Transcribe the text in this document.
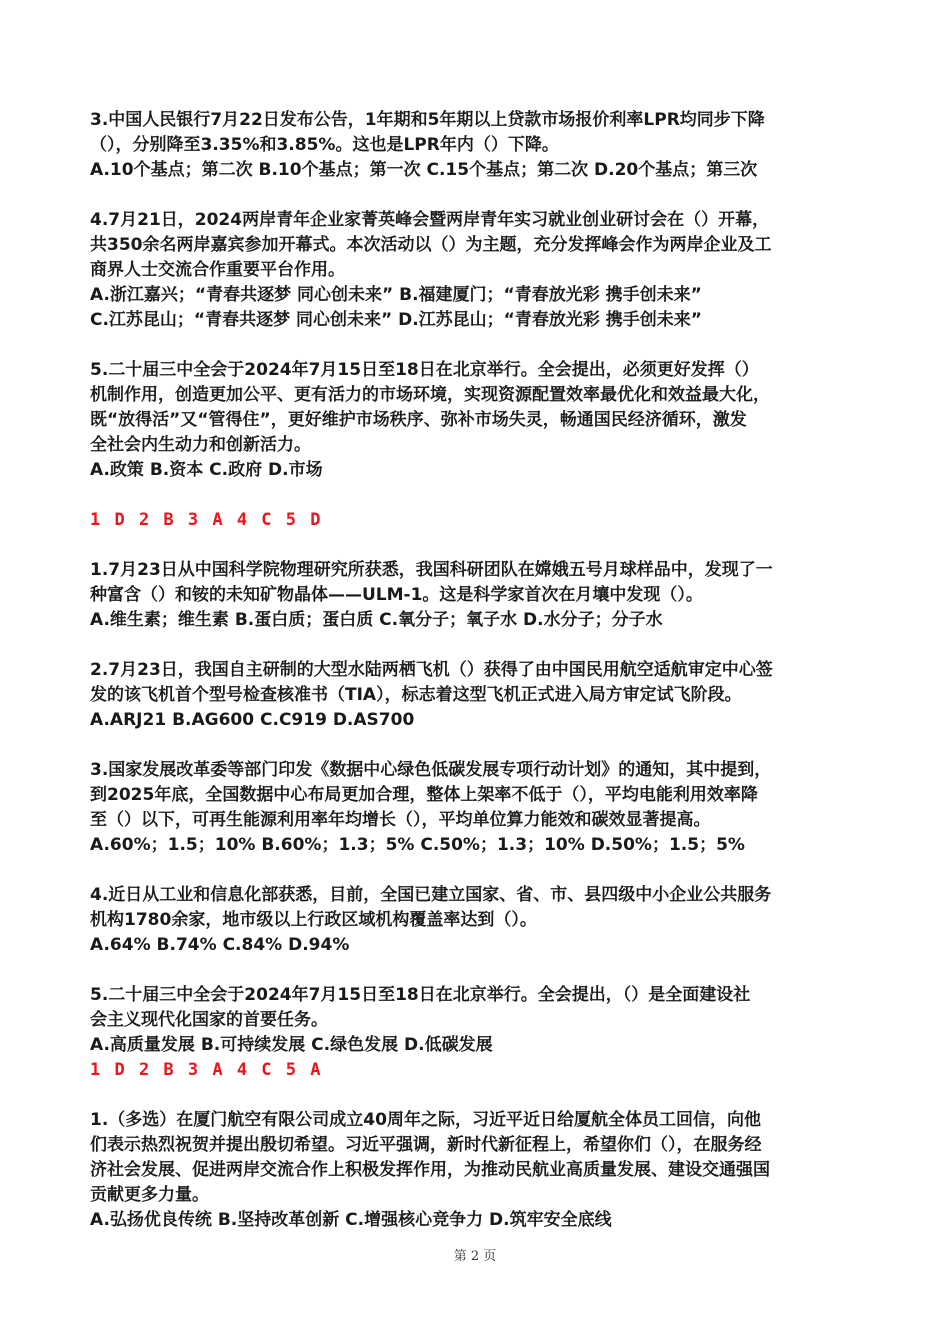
3.中国人民银行7月22日发布公告，1年期和5年期以上贷款市场报价利率LPR均同步下降
（），分别降至3.35%和3.85%。这也是LPR年内（）下降。
A.10个基点；第二次 B.10个基点；第一次 C.15个基点；第二次 D.20个基点；第三次
4.7月21日，2024两岸青年企业家菁英峰会暨两岸青年实习就业创业研讨会在（）开幕，
共350余名两岸嘉宾参加开幕式。本次活动以（）为主题，充分发挥峰会作为两岸企业及工
商界人士交流合作重要平台作用。
A.浙江嘉兴；“青春共逐梦 同心创未来” B.福建厦门；“青春放光彩 携手创未来”
C.江苏昆山；“青春共逐梦 同心创未来” D.江苏昆山；“青春放光彩 携手创未来”
5.二十届三中全会于2024年7月15日至18日在北京举行。全会提出，必须更好发挥（）
机制作用，创造更加公平、更有活力的市场环境，实现资源配置效率最优化和效益最大化，
既“放得活”又“管得住”，更好维护市场秩序、弥补市场失灵，畅通国民经济循环，激发
全社会内生动力和创新活力。
A.政策 B.资本 C.政府 D.市场
1 D 2 B 3 A 4 C 5 D
1.7月23日从中国科学院物理研究所获悉，我国科研团队在嫦娥五号月球样品中，发现了一
种富含（）和铵的未知矿物晶体——ULM-1。这是科学家首次在月壤中发现（）。
A.维生素；维生素 B.蛋白质；蛋白质 C.氧分子；氧子水 D.水分子；分子水
2.7月23日，我国自主研制的大型水陆两栖飞机（）获得了由中国民用航空适航审定中心签
发的该飞机首个型号检查核准书（TIA），标志着这型飞机正式进入局方审定试飞阶段。
A.ARJ21 B.AG600 C.C919 D.AS700
3.国家发展改革委等部门印发《数据中心绿色低碳发展专项行动计划》的通知，其中提到，
到2025年底，全国数据中心布局更加合理，整体上架率不低于（），平均电能利用效率降
至（）以下，可再生能源利用率年均增长（），平均单位算力能效和碳效显著提高。
A.60%；1.5；10% B.60%；1.3；5% C.50%；1.3；10% D.50%；1.5；5%
4.近日从工业和信息化部获悉，目前，全国已建立国家、省、市、县四级中小企业公共服务
机构1780余家，地市级以上行政区域机构覆盖率达到（）。
A.64% B.74% C.84% D.94%
5.二十届三中全会于2024年7月15日至18日在北京举行。全会提出，（）是全面建设社
会主义现代化国家的首要任务。
A.高质量发展 B.可持续发展 C.绿色发展 D.低碳发展
1 D 2 B 3 A 4 C 5 A
1.（多选）在厦门航空有限公司成立40周年之际，习近平近日给厦航全体员工回信，向他
们表示热烈祝贺并提出殷切希望。习近平强调，新时代新征程上，希望你们（），在服务经
济社会发展、促进两岸交流合作上积极发挥作用，为推动民航业高质量发展、建设交通强国
贡献更多力量。
A.弘扬优良传统 B.坚持改革创新 C.增强核心竞争力 D.筑牢安全底线
第 2 页
